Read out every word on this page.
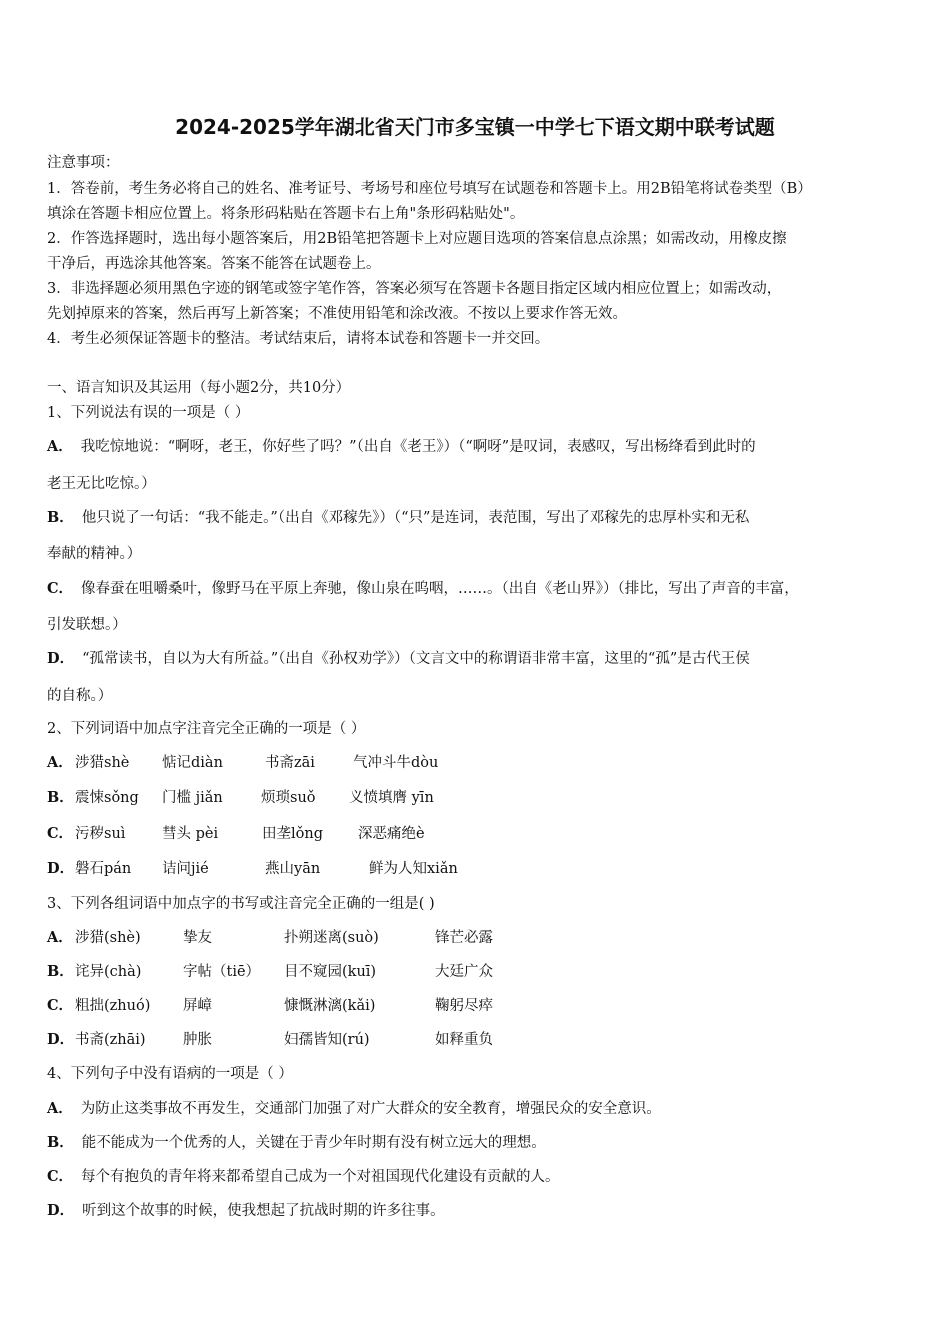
2024-2025学年湖北省天门市多宝镇一中学七下语文期中联考试题
注意事项：
1．答卷前，考生务必将自己的姓名、准考证号、考场号和座位号填写在试题卷和答题卡上。用2B铅笔将试卷类型（B）
填涂在答题卡相应位置上。将条形码粘贴在答题卡右上角"条形码粘贴处"。
2．作答选择题时，选出每小题答案后，用2B铅笔把答题卡上对应题目选项的答案信息点涂黑；如需改动，用橡皮擦
干净后，再选涂其他答案。答案不能答在试题卷上。
3．非选择题必须用黑色字迹的钢笔或签字笔作答，答案必须写在答题卡各题目指定区域内相应位置上；如需改动，
先划掉原来的答案，然后再写上新答案；不准使用铅笔和涂改液。不按以上要求作答无效。
4．考生必须保证答题卡的整洁。考试结束后，请将本试卷和答题卡一并交回。
一、语言知识及其运用（每小题2分，共10分）
1、下列说法有误的一项是（ ）
A． 我吃惊地说：“啊呀，老王，你好些了吗？”（出自《老王》）（“啊呀”是叹词，表感叹，写出杨绛看到此时的
老王无比吃惊。）
B． 他只说了一句话：“我不能走。”（出自《邓稼先》）（“只”是连词，表范围，写出了邓稼先的忠厚朴实和无私
奉献的精神。）
C． 像春蚕在咀嚼桑叶，像野马在平原上奔驰，像山泉在呜咽，……。（出自《老山界》）（排比，写出了声音的丰富，
引发联想。）
D． “孤常读书，自以为大有所益。”（出自《孙权劝学》）（文言文中的称谓语非常丰富，这里的“孤”是古代王侯
的自称。）
2、下列词语中加点字注音完全正确的一项是（ ）
A． 涉猎shè 惦记diàn	书斋zāi	气冲斗牛dòu
B． 震悚sǒng 门槛 jiǎn	烦琐suǒ 义愤填膺 yīn
C． 污秽suì	彗头 pèi	田垄lǒng 深恶痛绝è
D． 磐石pán 诘问jié	燕山yān	鲜为人知xiǎn
3、下列各组词语中加点字的书写或注音完全正确的一组是( )
A． 涉猎(shè)	挚友	扑朔迷离(suò)	锋芒必露
B． 诧异(chà)	字帖（tiē） 目不窥园(kuī)	大廷广众
C． 粗拙(zhuó) 屏嶂	慷慨淋漓(kǎi)	鞠躬尽瘁
D． 书斋(zhāi)	肿胀	妇孺皆知(rú)	如释重负
4、下列句子中没有语病的一项是（ ）
A． 为防止这类事故不再发生，交通部门加强了对广大群众的安全教育，增强民众的安全意识。
B． 能不能成为一个优秀的人，关键在于青少年时期有没有树立远大的理想。
C． 每个有抱负的青年将来都希望自己成为一个对祖国现代化建设有贡献的人。
D． 听到这个故事的时候，使我想起了抗战时期的许多往事。
